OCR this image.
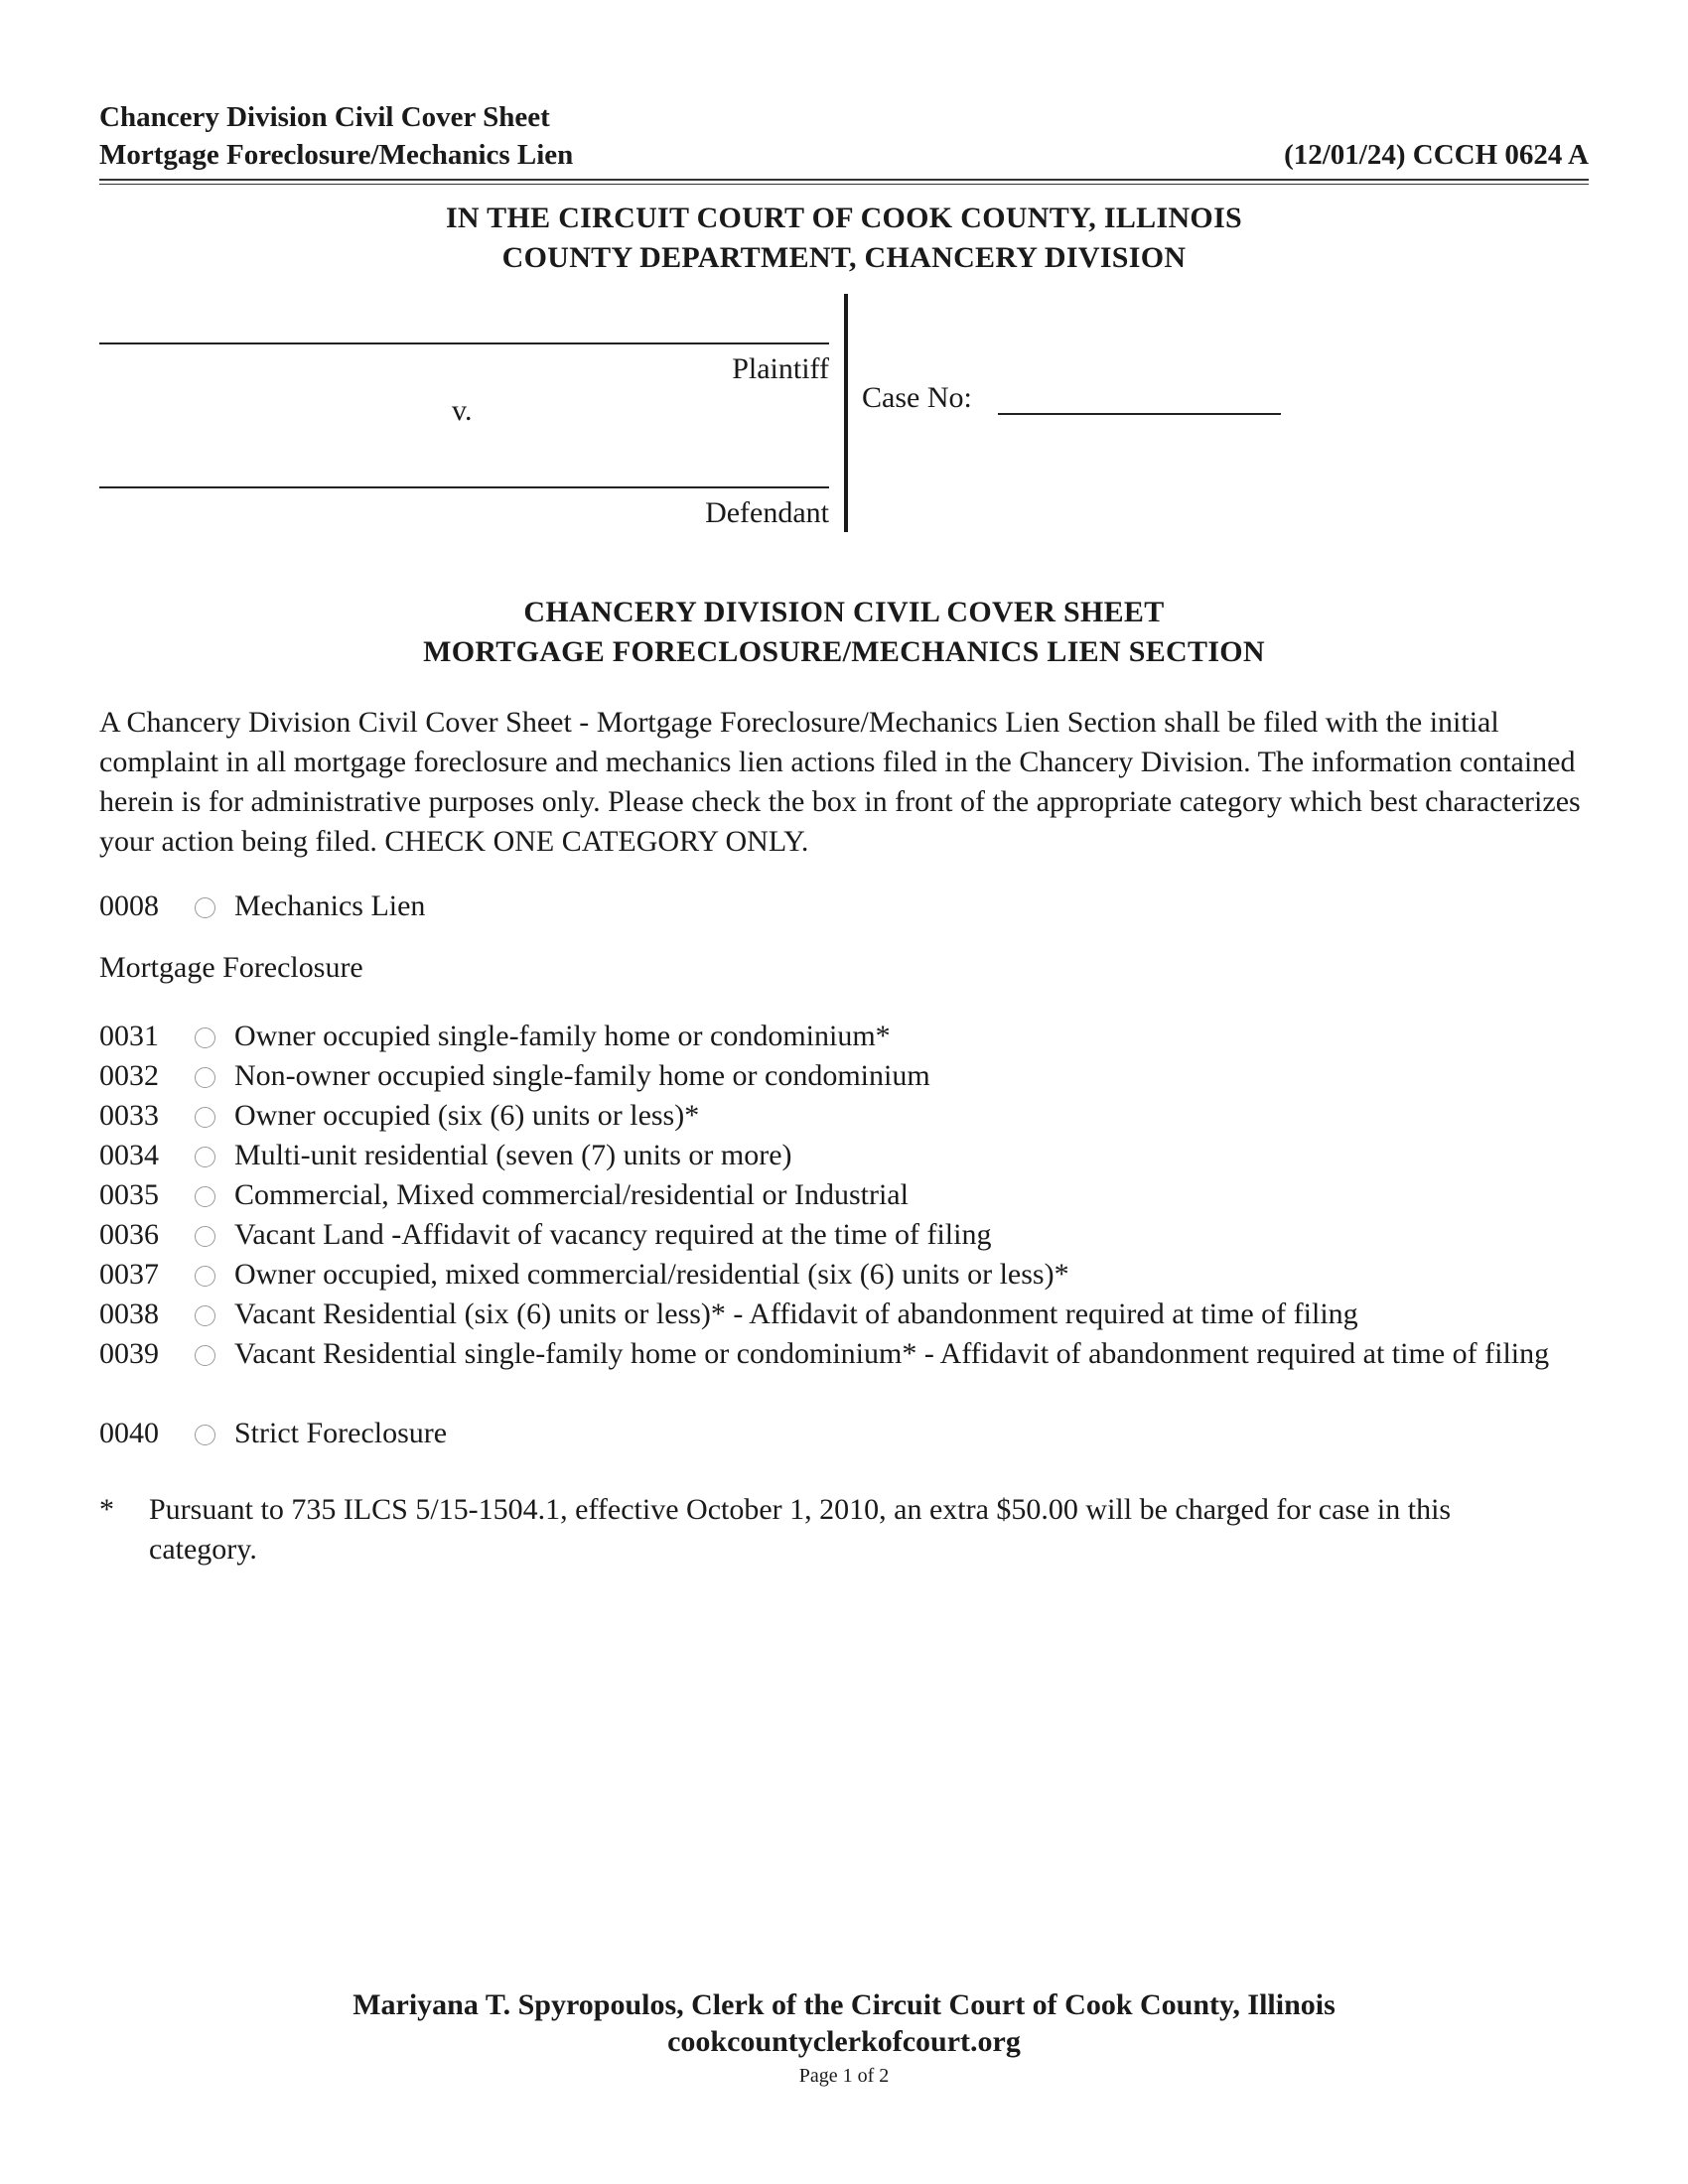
Chancery Division Civil Cover Sheet
Mortgage Foreclosure/Mechanics Lien	(12/01/24) CCCH 0624 A
IN THE CIRCUIT COURT OF COOK COUNTY, ILLINOIS
COUNTY DEPARTMENT, CHANCERY DIVISION
Plaintiff
v.
Defendant
Case No:
CHANCERY DIVISION CIVIL COVER SHEET
MORTGAGE FORECLOSURE/MECHANICS LIEN SECTION
A Chancery Division Civil Cover Sheet - Mortgage Foreclosure/Mechanics Lien Section shall be filed with the initial complaint in all mortgage foreclosure and mechanics lien actions filed in the Chancery Division. The information contained herein is for administrative purposes only. Please check the box in front of the appropriate category which best characterizes your action being filed. CHECK ONE CATEGORY ONLY.
0008	Mechanics Lien
Mortgage Foreclosure
0031	Owner occupied single-family home or condominium*
0032	Non-owner occupied single-family home or condominium
0033	Owner occupied (six (6) units or less)*
0034	Multi-unit residential (seven (7) units or more)
0035	Commercial, Mixed commercial/residential or Industrial
0036	Vacant Land -Affidavit of vacancy required at the time of filing
0037	Owner occupied, mixed commercial/residential (six (6) units or less)*
0038	Vacant Residential (six (6) units or less)* - Affidavit of abandonment required at time of filing
0039	Vacant Residential single-family home or condominium* - Affidavit of abandonment required at time of filing
0040	Strict Foreclosure
* Pursuant to 735 ILCS 5/15-1504.1, effective October 1, 2010, an extra $50.00 will be charged for case in this category.
Mariyana T. Spyropoulos, Clerk of the Circuit Court of Cook County, Illinois
cookcountyclerkofcourt.org
Page 1 of 2
